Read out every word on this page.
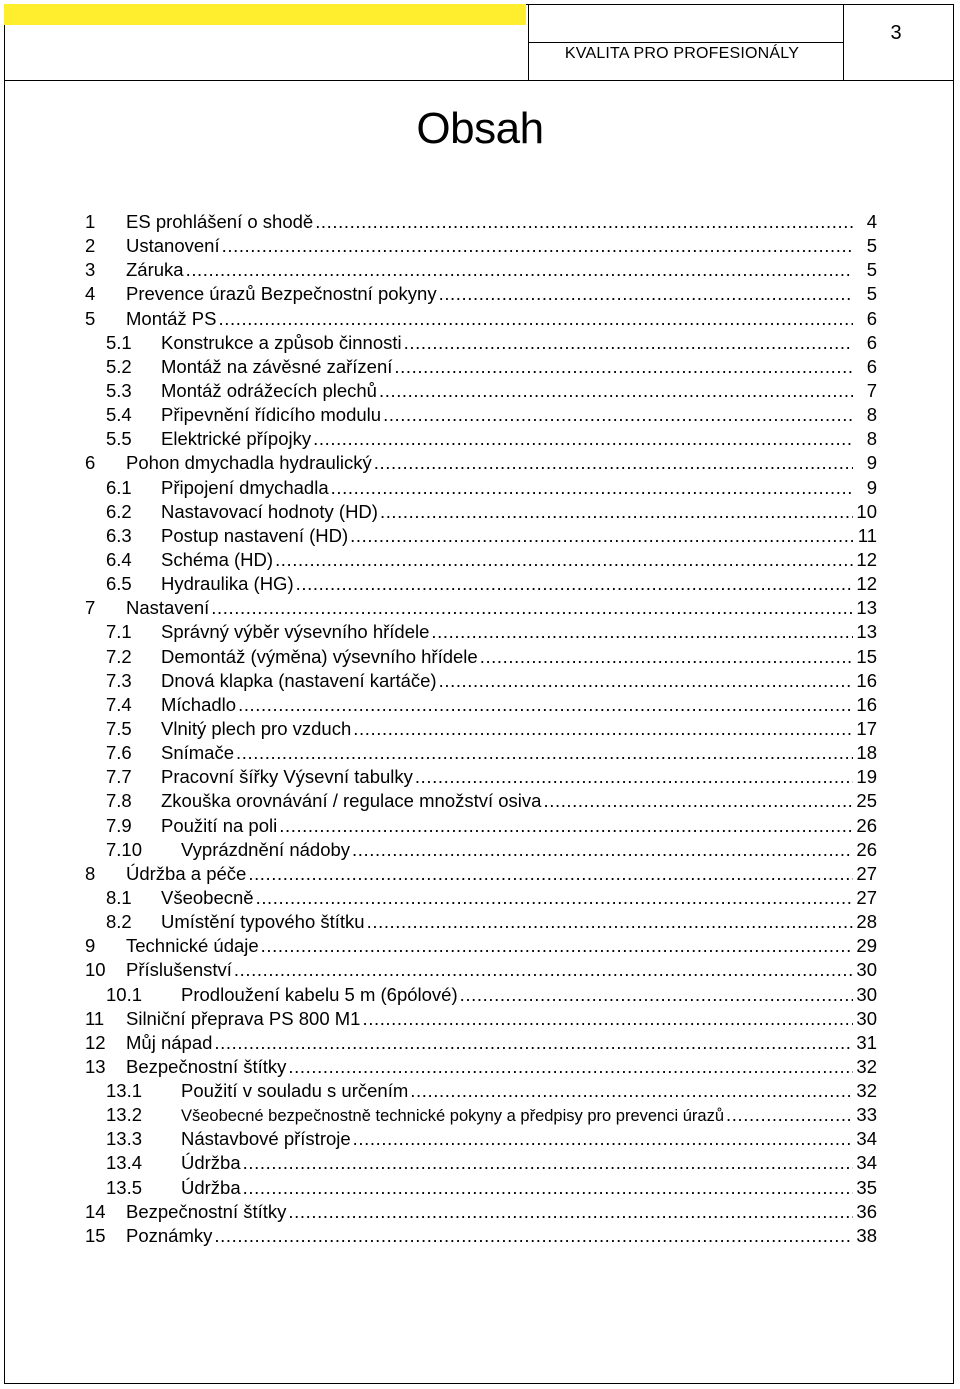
KVALITA PRO PROFESIONÁLY
3
Obsah
1	ES prohlášení o shodě .....	4
2	Ustanovení .....	5
3	Záruka .....	5
4	Prevence úrazů Bezpečnostní pokyny .....	5
5	Montáž PS .....	6
5.1	Konstrukce a způsob činnosti .....	6
5.2	Montáž na závěsné zařízení .....	6
5.3	Montáž odrážecích plechů .....	7
5.4	Připevnění řídicího modulu .....	8
5.5	Elektrické přípojky .....	8
6	Pohon dmychadla hydraulický .....	9
6.1	Připojení dmychadla .....	9
6.2	Nastavovací hodnoty (HD) .....	10
6.3	Postup nastavení (HD) .....	11
6.4	Schéma (HD) .....	12
6.5	Hydraulika (HG) .....	12
7	Nastavení .....	13
7.1	Správný výběr výsevního hřídele .....	13
7.2	Demontáž (výměna) výsevního hřídele .....	15
7.3	Dnová klapka (nastavení kartáče) .....	16
7.4	Míchadlo .....	16
7.5	Vlnitý plech pro vzduch .....	17
7.6	Snímače .....	18
7.7	Pracovní šířky Výsevní tabulky .....	19
7.8	Zkouška orovnávání / regulace množství osiva .....	25
7.9	Použití na poli .....	26
7.10	Vyprázdnění nádoby .....	26
8	Údržba a péče .....	27
8.1	Všeobecně .....	27
8.2	Umístění typového štítku .....	28
9	Technické údaje .....	29
10	Příslušenství .....	30
10.1	Prodloužení kabelu 5 m (6pólové) .....	30
11	Silniční přeprava PS 800 M1 .....	30
12	Můj nápad .....	31
13	Bezpečnostní štítky .....	32
13.1	Použití v souladu s určením .....	32
13.2	Všeobecné bezpečnostně technické pokyny a předpisy pro prevenci úrazů .....	33
13.3	Nástavbové přístroje .....	34
13.4	Údržba .....	34
13.5	Údržba .....	35
14	Bezpečnostní štítky .....	36
15	Poznámky .....	38
